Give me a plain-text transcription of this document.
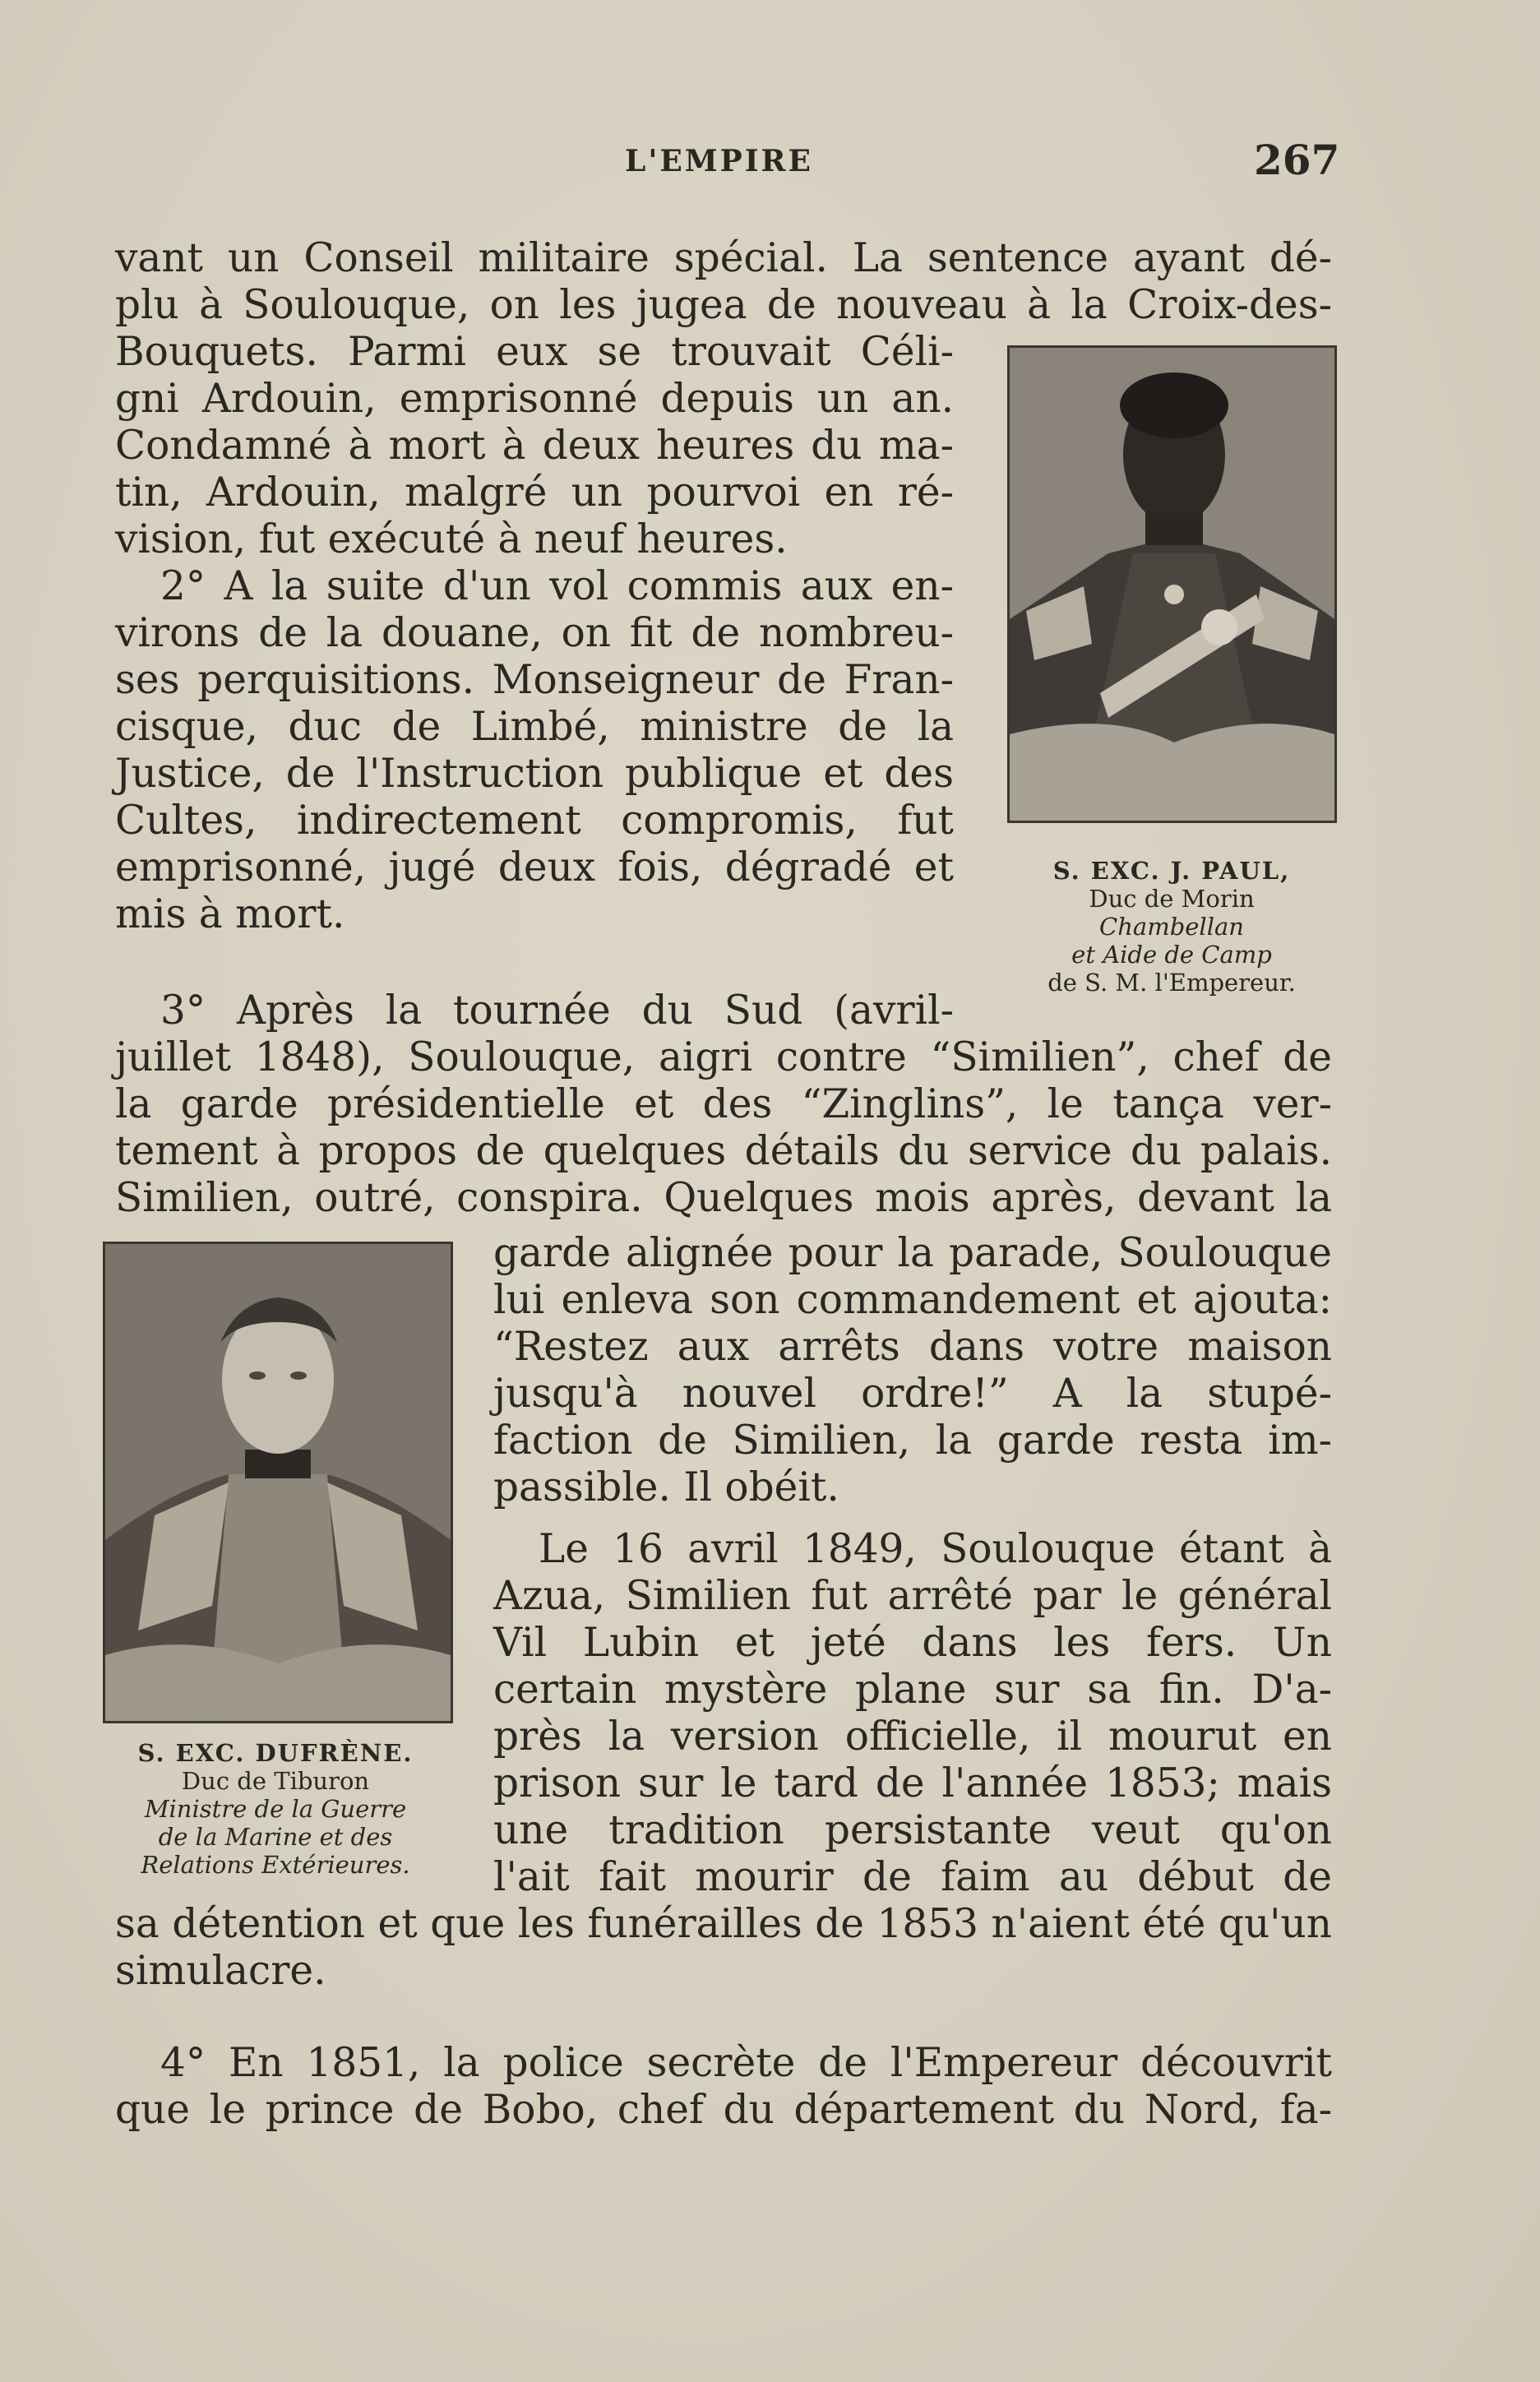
L'EMPIRE	267
vant un Conseil militaire spécial. La sentence ayant dé-
plu à Soulouque, on les jugea de nouveau à la Croix-des-
Bouquets. Parmi eux se trouvait Céli-
gni Ardouin, emprisonné depuis un an.
Condamné à mort à deux heures du ma-
tin, Ardouin, malgré un pourvoi en ré-
vision, fut exécuté à neuf heures.
2° A la suite d'un vol commis aux en-
virons de la douane, on fit de nombreu-
ses perquisitions. Monseigneur de Fran-
cisque, duc de Limbé, ministre de la
Justice, de l'Instruction publique et des
Cultes, indirectement compromis, fut
emprisonné, jugé deux fois, dégradé et
mis à mort.
3° Après la tournée du Sud (avril-
S. EXC. J. PAUL,
Duc de Morin
Chambellan
et Aide de Camp
de S. M. l'Empereur.
juillet 1848), Soulouque, aigri contre “Similien”, chef de
la garde présidentielle et des “Zinglins”, le tança ver-
tement à propos de quelques détails du service du palais.
Similien, outré, conspira. Quelques mois après, devant la
S. EXC. DUFRÈNE.
Duc de Tiburon
Ministre de la Guerre
de la Marine et des
Relations Extérieures.
garde alignée pour la parade, Soulouque
lui enleva son commandement et ajouta:
“Restez aux arrêts dans votre maison
jusqu'à nouvel ordre!” A la stupé-
faction de Similien, la garde resta im-
passible. Il obéit.
Le 16 avril 1849, Soulouque étant à
Azua, Similien fut arrêté par le général
Vil Lubin et jeté dans les fers. Un
certain mystère plane sur sa fin. D'a-
près la version officielle, il mourut en
prison sur le tard de l'année 1853; mais
une tradition persistante veut qu'on
l'ait fait mourir de faim au début de
sa détention et que les funérailles de 1853 n'aient été qu'un
simulacre.
4° En 1851, la police secrète de l'Empereur découvrit
que le prince de Bobo, chef du département du Nord, fa-
